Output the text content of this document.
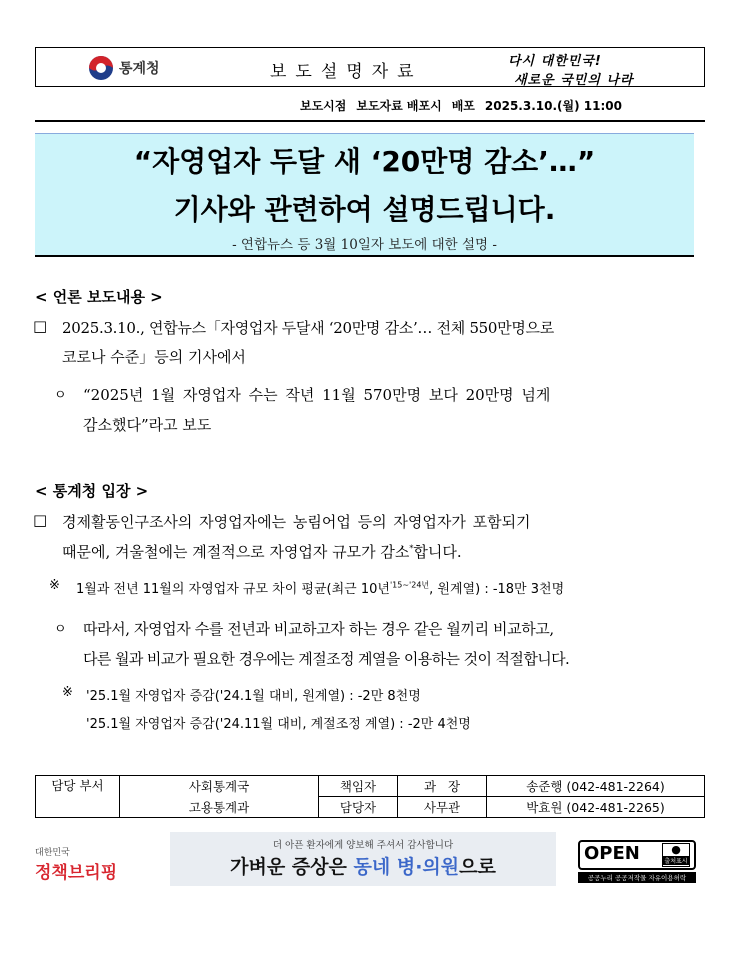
통계청	보도설명자료
다시 대한민국!
새로운 국민의 나라
보도시점 보도자료 배포시 배포 2025.3.10.(월) 11:00
“자영업자 두달 새 ‘20만명 감소’…”
기사와 관련하여 설명드립니다.
- 연합뉴스 등 3월 10일자 보도에 대한 설명 -
< 언론 보도내용 >
□ 2025.3.10., 연합뉴스「자영업자 두달새 ‘20만명 감소’… 전체 550만명으로
코로나 수준」등의 기사에서
ㅇ “2025년 1월 자영업자 수는 작년 11월 570만명 보다 20만명 넘게
감소했다”라고 보도
< 통계청 입장 >
□ 경제활동인구조사의 자영업자에는 농림어업 등의 자영업자가 포함되기
때문에, 겨울철에는 계절적으로 자영업자 규모가 감소*합니다.
※ 1월과 전년 11월의 자영업자 규모 차이 평균(최근 10년$^{'15\sim'24년}$, 원계열) : -18만 3천명
ㅇ 따라서, 자영업자 수를 전년과 비교하고자 하는 경우 같은 월끼리 비교하고,
다른 월과 비교가 필요한 경우에는 계절조정 계열을 이용하는 것이 적절합니다.
※ '25.1월 자영업자 증감('24.1월 대비, 원계열) : -2만 8천명
'25.1월 자영업자 증감('24.11월 대비, 계절조정 계열) : -2만 4천명
담당 부서	사회통계국	책임자	과   장	송준행 (042-481-2264)
	고용통계과	담당자	사무관	박효원 (042-481-2265)
대한민국
정책브리핑
더 아픈 환자에게 양보해 주셔서 감사합니다
가벼운 증상은 동네 병·의원으로
OPEN	●
출처표시
공공누리 공공저작물 자유이용허락
